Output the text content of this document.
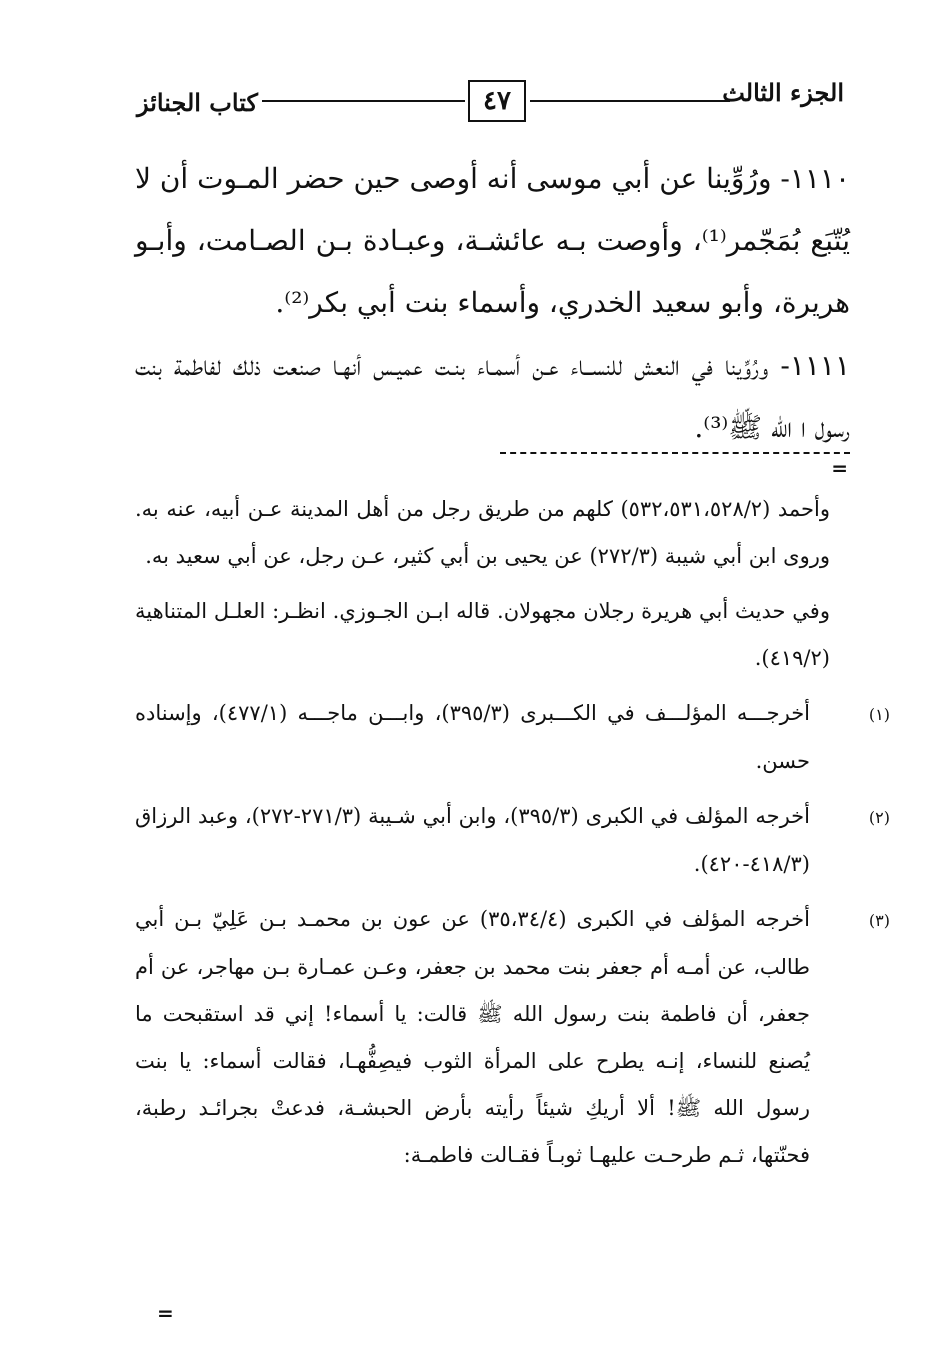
الجزء الثالث
٤٧
كتاب الجنائز

١١١٠- ورُوِّينا عن أبي موسى أنه أوصى حين حضر المـوت أن لا يُتّبَع بُمَجّمر⁽¹⁾، وأوصت بـه عائشـة، وعبـادة بـن الصـامت، وأبـو هريرة، وأبو سعيد الخدري، وأسماء بنت أبي بكر⁽²⁾.

١١١١- ورُوِّينا في النعش للنســاء عـن أسمـاء بنـت عميـس أنهـا صنعت ذلك لفاطمة بنت رسول ا الله ﷺ⁽³⁾.

=

وأحمد (٥٣٢،٥٣١،٥٢٨/٢) كلهم من طريق رجل من أهل المدينة عـن أبيه، عنه به. وروى ابن أبي شيبة (٢٧٢/٣) عن يحيى بن أبي كثير، عـن رجل، عن أبي سعيد به.

وفي حديث أبي هريرة رجلان مجهولان. قاله ابـن الجـوزي. انظـر: العلـل المتناهية (٤١٩/٢).

(١)أخرجـــه المؤلـــف في الكـــبرى (٣٩٥/٣)، وابـــن ماجـــه (٤٧٧/١)، وإسناده حسن.

(٢)أخرجه المؤلف في الكبرى (٣٩٥/٣)، وابن أبي شـيبة (٢٧١/٣-٢٧٢)، وعبد الرزاق (٤١٨/٣-٤٢٠).

(٣)أخرجه المؤلف في الكبرى (٣٥،٣٤/٤) عن عون بن محمـد بـن عَلِيّ بـن أبي طالب، عن أمـه أم جعفر بنت محمد بن جعفر، وعـن عمـارة بـن مهاجر، عن أم جعفر، أن فاطمة بنت رسول الله ﷺ قالت: يا أسماء! إني قد استقبحت ما يُصنع للنساء، إنـه يطرح على المرأة الثوب فيصِفُّهـا، فقالت أسماء: يا بنت رسول الله ﷺ! ألا أريكِ شيئاً رأيته بأرض الحبشـة، فدعتْ بجرائـد رطبة، فحنّتها، ثـم طرحـت عليهـا ثوبـاً فقـالت فاطمـة:

=
